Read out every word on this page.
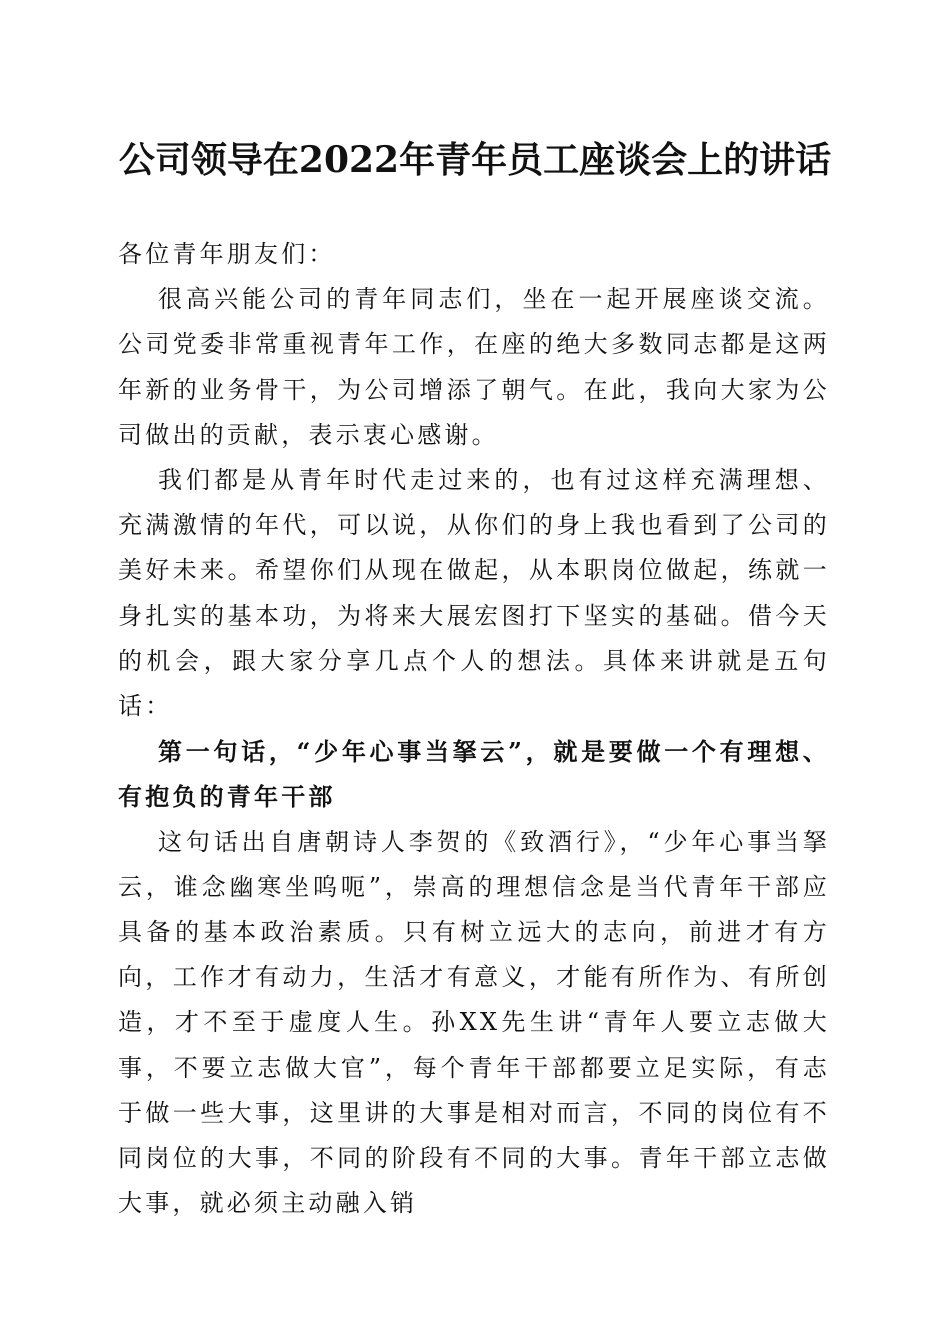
公司领导在2022年青年员工座谈会上的讲话

各位青年朋友们：

很高兴能公司的青年同志们，坐在一起开展座谈交流。公司党委非常重视青年工作，在座的绝大多数同志都是这两年新的业务骨干，为公司增添了朝气。在此，我向大家为公司做出的贡献，表示衷心感谢。

我们都是从青年时代走过来的，也有过这样充满理想、充满激情的年代，可以说，从你们的身上我也看到了公司的美好未来。希望你们从现在做起，从本职岗位做起，练就一身扎实的基本功，为将来大展宏图打下坚实的基础。借今天的机会，跟大家分享几点个人的想法。具体来讲就是五句话：

第一句话，“少年心事当拏云”，就是要做一个有理想、有抱负的青年干部

这句话出自唐朝诗人李贺的《致酒行》，“少年心事当拏云，谁念幽寒坐呜呃”，崇高的理想信念是当代青年干部应具备的基本政治素质。只有树立远大的志向，前进才有方向，工作才有动力，生活才有意义，才能有所作为、有所创造，才不至于虚度人生。孙XX先生讲“青年人要立志做大事，不要立志做大官”，每个青年干部都要立足实际，有志于做一些大事，这里讲的大事是相对而言，不同的岗位有不同岗位的大事，不同的阶段有不同的大事。青年干部立志做大事，就必须主动融入销
